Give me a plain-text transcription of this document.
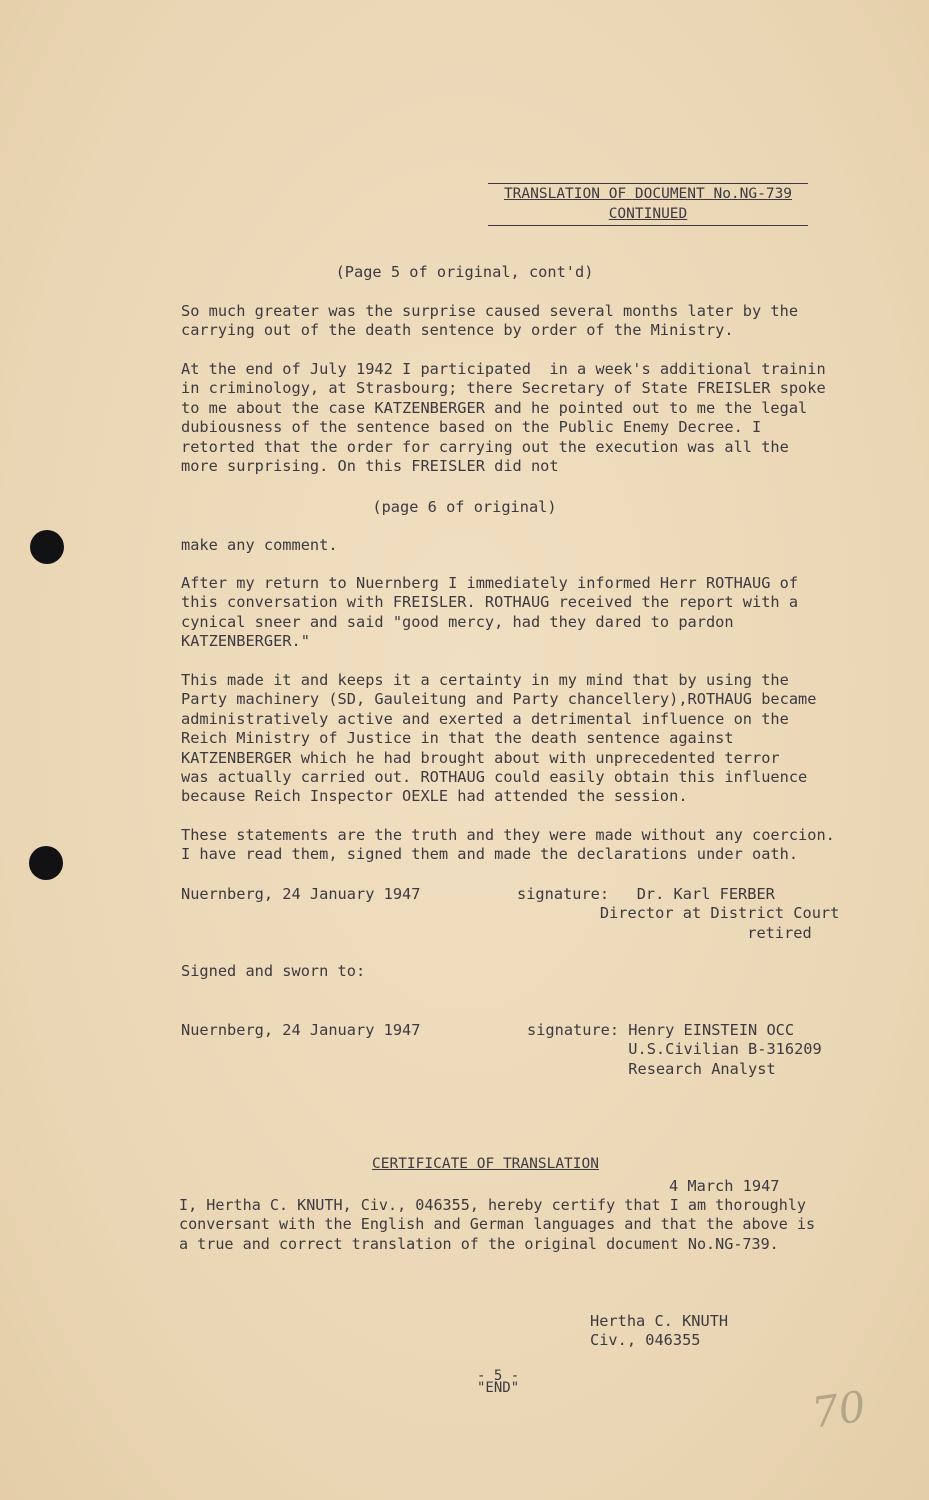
TRANSLATION OF DOCUMENT No.NG-739
CONTINUED
(Page 5 of original, cont'd)
So much greater was the surprise caused several months later by the
carrying out of the death sentence by order of the Ministry.
At the end of July 1942 I participated  in a week's additional trainin
in criminology, at Strasbourg; there Secretary of State FREISLER spoke
to me about the case KATZENBERGER and he pointed out to me the legal
dubiousness of the sentence based on the Public Enemy Decree. I
retorted that the order for carrying out the execution was all the
more surprising. On this FREISLER did not
(page 6 of original)
make any comment.
After my return to Nuernberg I immediately informed Herr ROTHAUG of
this conversation with FREISLER. ROTHAUG received the report with a
cynical sneer and said "good mercy, had they dared to pardon
KATZENBERGER."
This made it and keeps it a certainty in my mind that by using the
Party machinery (SD, Gauleitung and Party chancellery),ROTHAUG became
administratively active and exerted a detrimental influence on the
Reich Ministry of Justice in that the death sentence against
KATZENBERGER which he had brought about with unprecedented terror
was actually carried out. ROTHAUG could easily obtain this influence
because Reich Inspector OEXLE had attended the session.
These statements are the truth and they were made without any coercion.
I have read them, signed them and made the declarations under oath.
Nuernberg, 24 January 1947	signature:   Dr. Karl FERBER
Director at District Court
retired
Signed and sworn to:
Nuernberg, 24 January 1947	signature: Henry EINSTEIN OCC
U.S.Civilian B-316209
Research Analyst
CERTIFICATE OF TRANSLATION
4 March 1947
I, Hertha C. KNUTH, Civ., 046355, hereby certify that I am thoroughly
conversant with the English and German languages and that the above is
a true and correct translation of the original document No.NG-739.
Hertha C. KNUTH
Civ., 046355
- 5 -
"END"	70
